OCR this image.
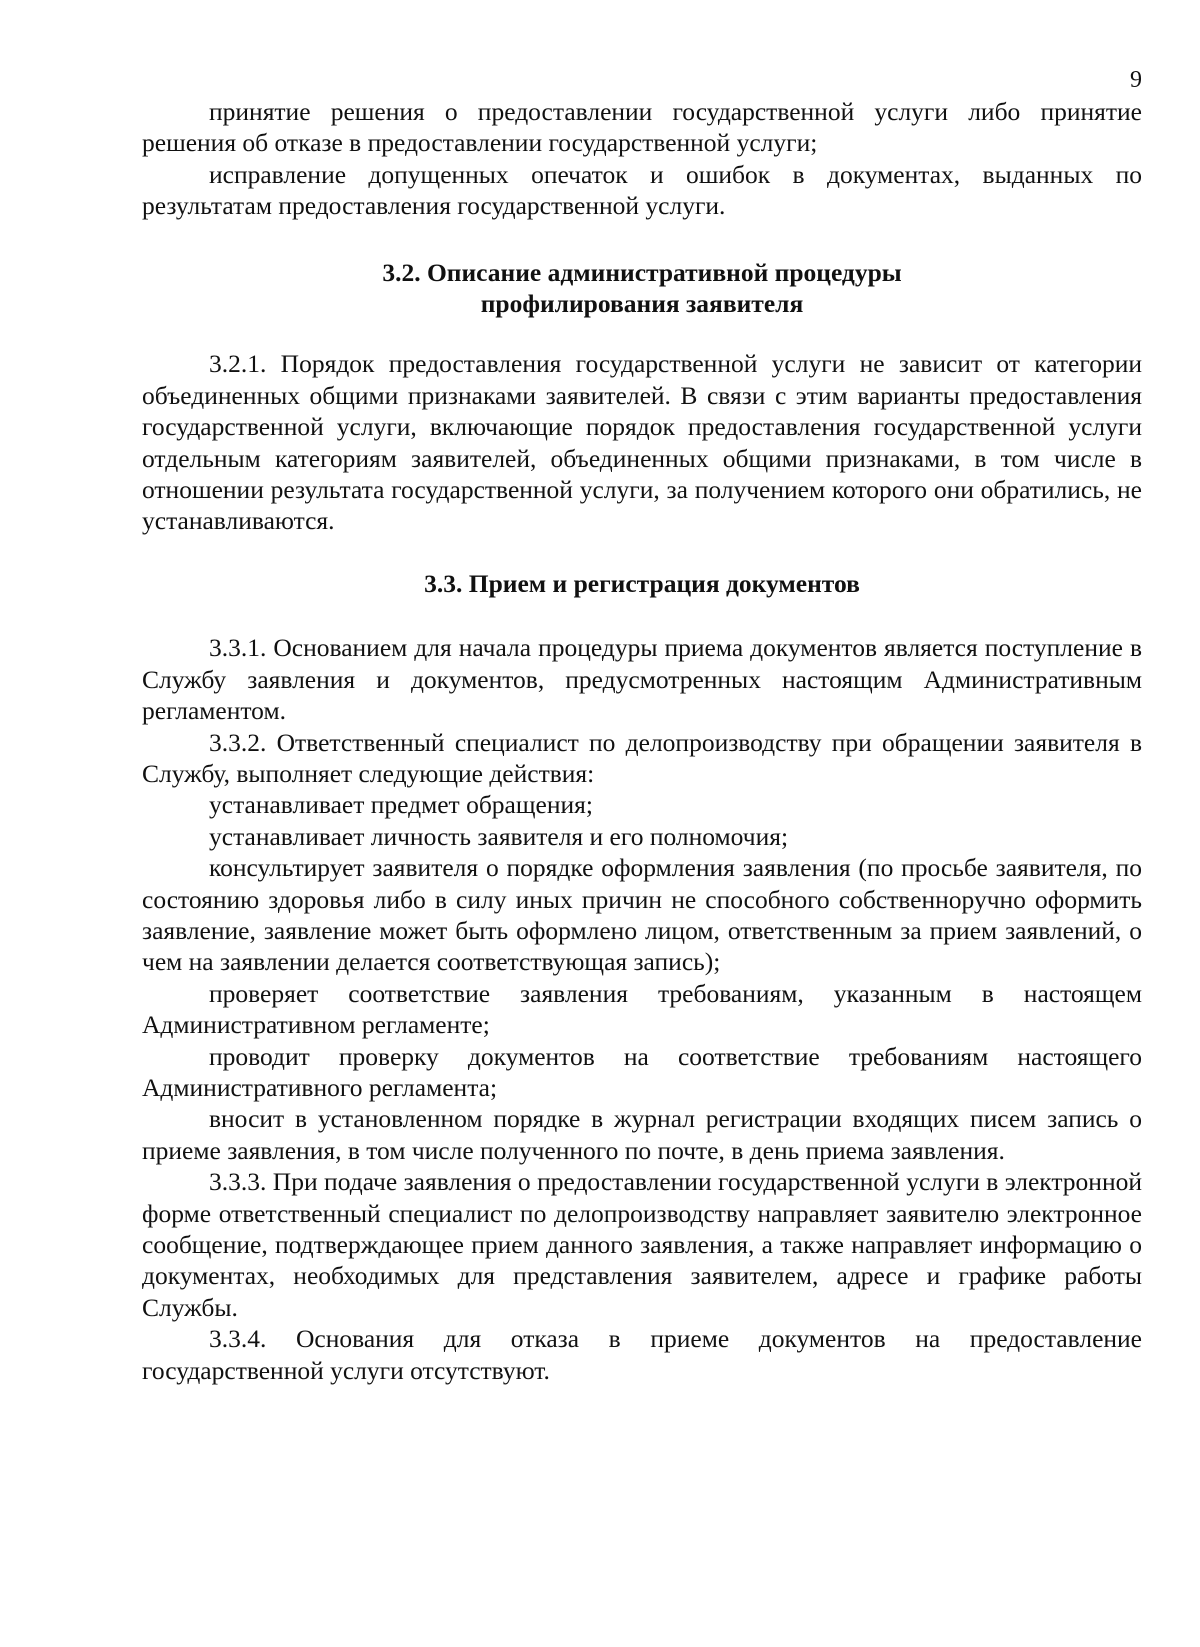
9

принятие решения о предоставлении государственной услуги либо принятие решения об отказе в предоставлении государственной услуги;

исправление допущенных опечаток и ошибок в документах, выданных по результатам предоставления государственной услуги.

3.2. Описание административной процедуры
профилирования заявителя

3.2.1. Порядок предоставления государственной услуги не зависит от категории объединенных общими признаками заявителей. В связи с этим варианты предоставления государственной услуги, включающие порядок предоставления государственной услуги отдельным категориям заявителей, объединенных общими признаками, в том числе в отношении результата государственной услуги, за получением которого они обратились, не устанавливаются.

3.3. Прием и регистрация документов

3.3.1. Основанием для начала процедуры приема документов является поступление в Службу заявления и документов, предусмотренных настоящим Административным регламентом.

3.3.2. Ответственный специалист по делопроизводству при обращении заявителя в Службу, выполняет следующие действия:

устанавливает предмет обращения;

устанавливает личность заявителя и его полномочия;

консультирует заявителя о порядке оформления заявления (по просьбе заявителя, по состоянию здоровья либо в силу иных причин не способного собственноручно оформить заявление, заявление может быть оформлено лицом, ответственным за прием заявлений, о чем на заявлении делается соответствующая запись);

проверяет соответствие заявления требованиям, указанным в настоящем Административном регламенте;

проводит проверку документов на соответствие требованиям настоящего Административного регламента;

вносит в установленном порядке в журнал регистрации входящих писем запись о приеме заявления, в том числе полученного по почте, в день приема заявления.

3.3.3. При подаче заявления о предоставлении государственной услуги в электронной форме ответственный специалист по делопроизводству направляет заявителю электронное сообщение, подтверждающее прием данного заявления, а также направляет информацию о документах, необходимых для представления заявителем, адресе и графике работы Службы.

3.3.4. Основания для отказа в приеме документов на предоставление государственной услуги отсутствуют.
